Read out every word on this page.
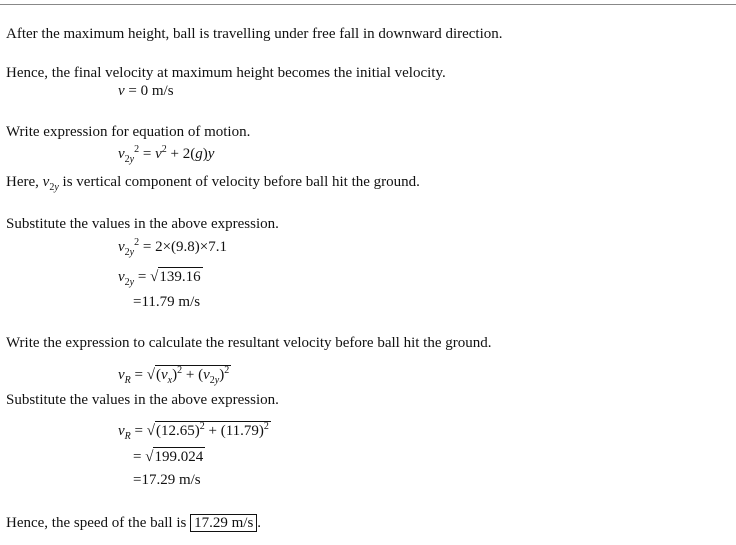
After the maximum height, ball is travelling under free fall in downward direction.
Hence, the final velocity at maximum height becomes the initial velocity.
v = 0 m/s
Write expression for equation of motion.
$v_{2y}^2 = v^2 + 2(g)y$
Here, $v_{2y}$ is vertical component of velocity before ball hit the ground.
Substitute the values in the above expression.
$v_{2y}^2 = 2\times(9.8)\times 7.1$
$v_{2y} = √139.16$
=11.79 m/s
Write the expression to calculate the resultant velocity before ball hit the ground.
$v_R = √(v_x)^2 + (v_{2y})^2$
Substitute the values in the above expression.
$v_R = √(12.65)^2 + (11.79)^2$
= √199.024
=17.29 m/s
Hence, the speed of the ball is 17.29 m/s .
